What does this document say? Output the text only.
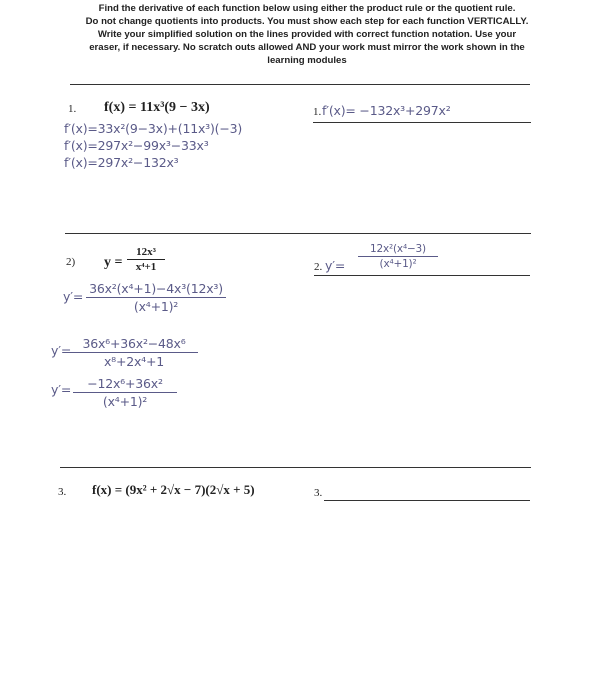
Find the derivative of each function below using either the product rule or the quotient rule.
Do not change quotients into products. You must show each step for each function VERTICALLY.
Write your simplified solution on the lines provided with correct function notation. Use your
eraser, if necessary. No scratch outs allowed AND your work must mirror the work shown in the
learning modules
1. f(x) = 11x³(9 − 3x)
f′(x)=33x²(9−3x)+(11x³)(−3)
f′(x)=297x²−99x³−33x³
f′(x)=297x²−132x³
1. f′(x)= −132x³+297x²
2) y =
12x³
x⁴+1
y′=
36x²(x⁴+1)−4x³(12x³)
(x⁴+1)²
y′= 36x⁶+36x²−48x⁶
x⁸+2x⁴+1
y′=	−12x⁶+36x²
(x⁴+1)²
2. y′=
12x²(x⁴−3)
(x⁴+1)²
3. f(x) = (9x² + 2√x − 7)(2√x + 5)	3.
